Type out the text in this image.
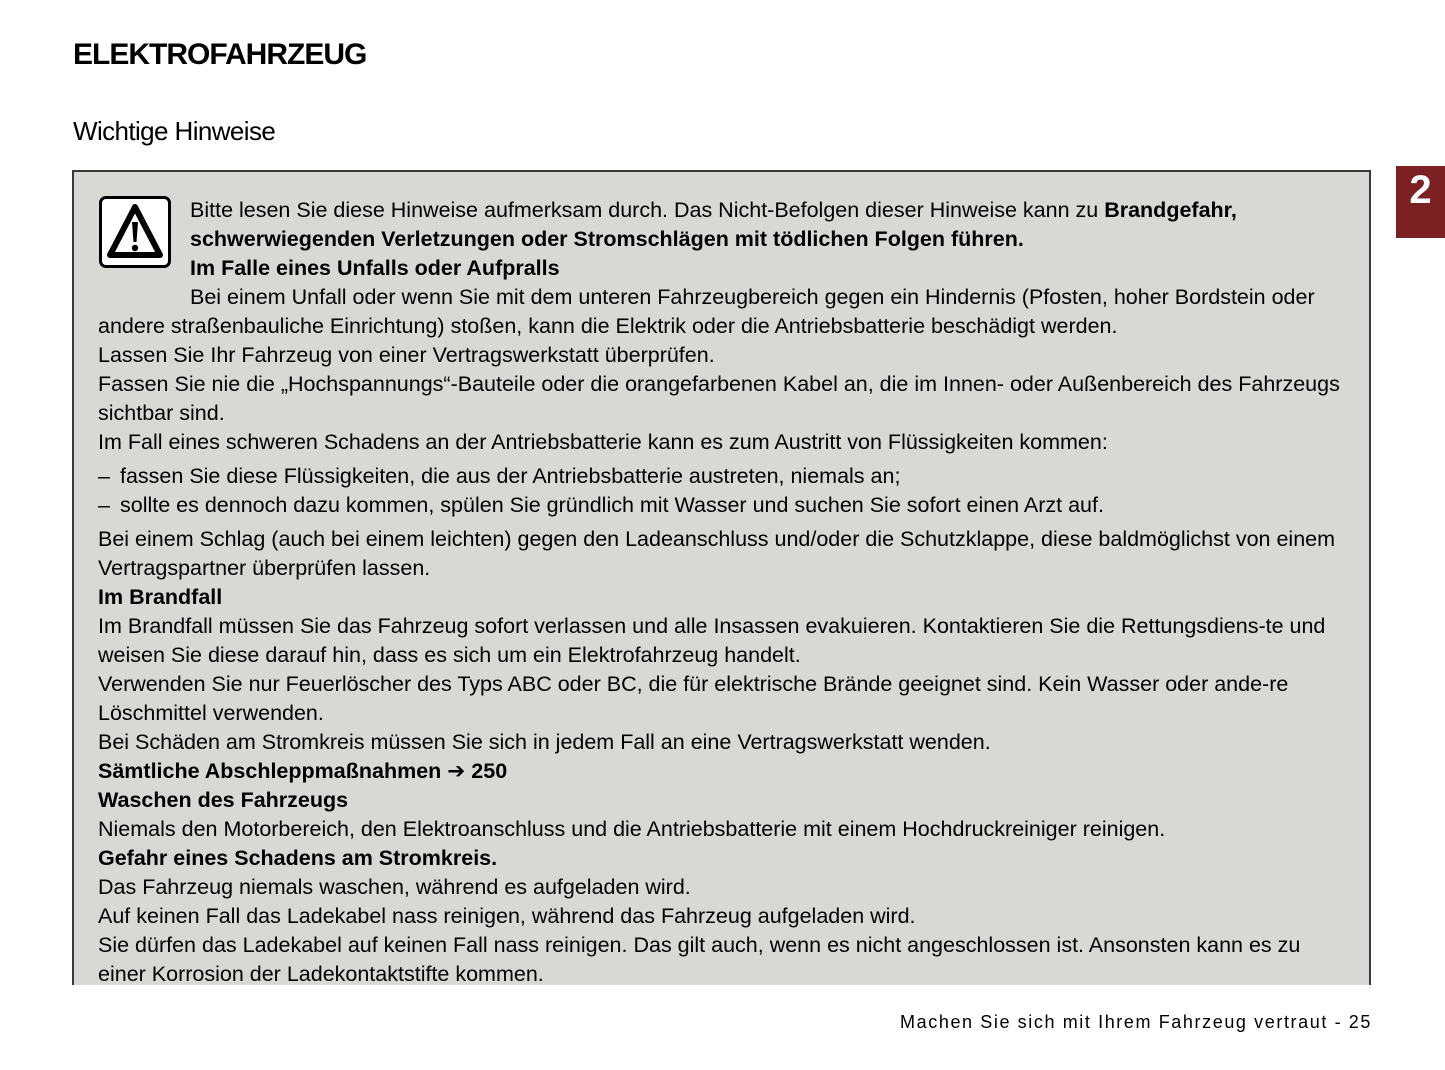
ELEKTROFAHRZEUG
Wichtige Hinweise
2

Bitte lesen Sie diese Hinweise aufmerksam durch. Das Nicht-Befolgen dieser Hinweise kann zu Brandgefahr, schwerwiegenden Verletzungen oder Stromschlägen mit tödlichen Folgen führen.

Im Falle eines Unfalls oder Aufpralls

Bei einem Unfall oder wenn Sie mit dem unteren Fahrzeugbereich gegen ein Hindernis (Pfosten, hoher Bordstein oder andere straßenbauliche Einrichtung) stoßen, kann die Elektrik oder die Antriebsbatterie beschädigt werden.

Lassen Sie Ihr Fahrzeug von einer Vertragswerkstatt überprüfen.

Fassen Sie nie die „Hochspannungs“-Bauteile oder die orangefarbenen Kabel an, die im Innen- oder Außenbereich des Fahrzeugs sichtbar sind.

Im Fall eines schweren Schadens an der Antriebsbatterie kann es zum Austritt von Flüssigkeiten kommen:

– fassen Sie diese Flüssigkeiten, die aus der Antriebsbatterie austreten, niemals an;
– sollte es dennoch dazu kommen, spülen Sie gründlich mit Wasser und suchen Sie sofort einen Arzt auf.

Bei einem Schlag (auch bei einem leichten) gegen den Ladeanschluss und/oder die Schutzklappe, diese baldmöglichst von einem Vertragspartner überprüfen lassen.

Im Brandfall

Im Brandfall müssen Sie das Fahrzeug sofort verlassen und alle Insassen evakuieren. Kontaktieren Sie die Rettungsdiens-te und weisen Sie diese darauf hin, dass es sich um ein Elektrofahrzeug handelt.

Verwenden Sie nur Feuerlöscher des Typs ABC oder BC, die für elektrische Brände geeignet sind. Kein Wasser oder ande-re Löschmittel verwenden.

Bei Schäden am Stromkreis müssen Sie sich in jedem Fall an eine Vertragswerkstatt wenden.

Sämtliche Abschleppmaßnahmen ➔ 250

Waschen des Fahrzeugs

Niemals den Motorbereich, den Elektroanschluss und die Antriebsbatterie mit einem Hochdruckreiniger reinigen.

Gefahr eines Schadens am Stromkreis.

Das Fahrzeug niemals waschen, während es aufgeladen wird.

Auf keinen Fall das Ladekabel nass reinigen, während das Fahrzeug aufgeladen wird.

Sie dürfen das Ladekabel auf keinen Fall nass reinigen. Das gilt auch, wenn es nicht angeschlossen ist. Ansonsten kann es zu einer Korrosion der Ladekontaktstifte kommen.

Machen Sie sich mit Ihrem Fahrzeug vertraut - 25
